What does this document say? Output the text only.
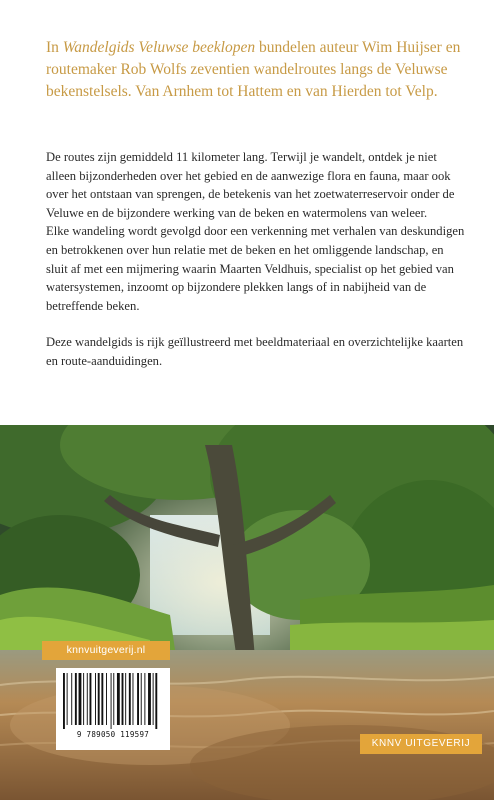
In Wandelgids Veluwse beeklopen bundelen auteur Wim Huijser en routemaker Rob Wolfs zeventien wandelroutes langs de Veluwse bekenstelsels. Van Arnhem tot Hattem en van Hierden tot Velp.

De routes zijn gemiddeld 11 kilometer lang. Terwijl je wandelt, ontdek je niet alleen bijzonderheden over het gebied en de aanwezige flora en fauna, maar ook over het ontstaan van sprengen, de betekenis van het zoetwaterreservoir onder de Veluwe en de bijzondere werking van de beken en watermolens van weleer.

Elke wandeling wordt gevolgd door een verkenning met verhalen van deskundigen en betrokkenen over hun relatie met de beken en het omliggende landschap, en sluit af met een mijmering waarin Maarten Veldhuis, specialist op het gebied van watersystemen, inzoomt op bijzondere plekken langs of in nabijheid van de betreffende beken.

Deze wandelgids is rijk geïllustreerd met beeldmateriaal en overzichtelijke kaarten en route-aanduidingen.

knnvuitgeverij.nl
9 789050 119597
KNNV UITGEVERIJ
